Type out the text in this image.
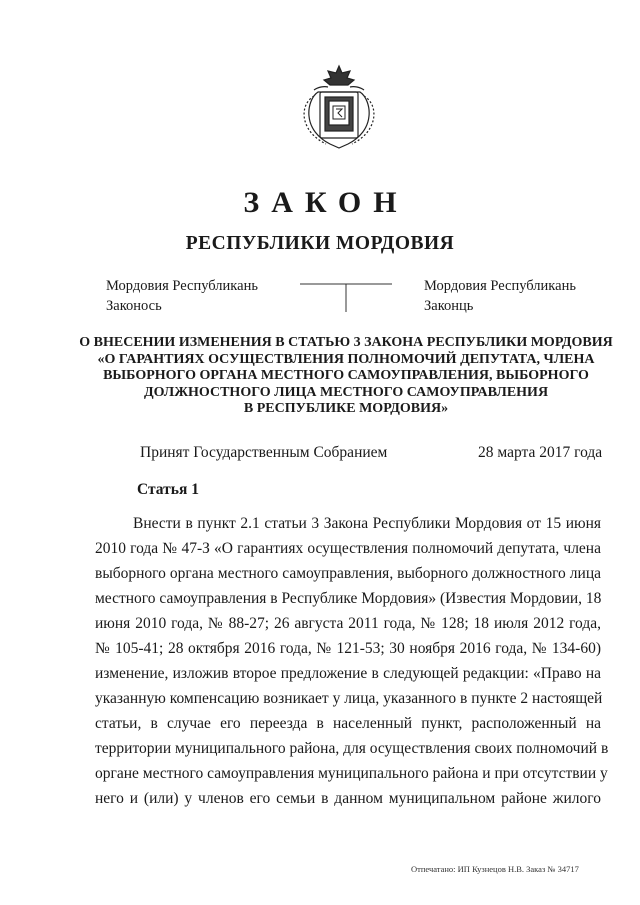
ЗАКОН
РЕСПУБЛИКИ МОРДОВИЯ
Мордовия Республикань
Законось
Мордовия Республикань
Законць
О ВНЕСЕНИИ ИЗМЕНЕНИЯ В СТАТЬЮ 3 ЗАКОНА РЕСПУБЛИКИ МОРДОВИЯ
«О ГАРАНТИЯХ ОСУЩЕСТВЛЕНИЯ ПОЛНОМОЧИЙ ДЕПУТАТА, ЧЛЕНА
ВЫБОРНОГО ОРГАНА МЕСТНОГО САМОУПРАВЛЕНИЯ, ВЫБОРНОГО
ДОЛЖНОСТНОГО ЛИЦА МЕСТНОГО САМОУПРАВЛЕНИЯ
В РЕСПУБЛИКЕ МОРДОВИЯ»
Принят Государственным Собранием	28 марта 2017 года
Статья 1
Внести в пункт 2.1 статьи 3 Закона Республики Мордовия от 15 июня
2010 года № 47-З «О гарантиях осуществления полномочий депутата, члена
выборного органа местного самоуправления, выборного должностного лица
местного самоуправления в Республике Мордовия» (Известия Мордовии, 18
июня 2010 года, № 88-27; 26 августа 2011 года, № 128; 18 июля 2012 года,
№ 105-41; 28 октября 2016 года, № 121-53; 30 ноября 2016 года, № 134-60)
изменение, изложив второе предложение в следующей редакции: «Право на
указанную компенсацию возникает у лица, указанного в пункте 2 настоящей
статьи, в случае его переезда в населенный пункт, расположенный на
территории муниципального района, для осуществления своих полномочий в
органе местного самоуправления муниципального района и при отсутствии у
него и (или) у членов его семьи в данном муниципальном районе жилого
Отпечатано: ИП Кузнецов Н.В. Заказ № 34717
